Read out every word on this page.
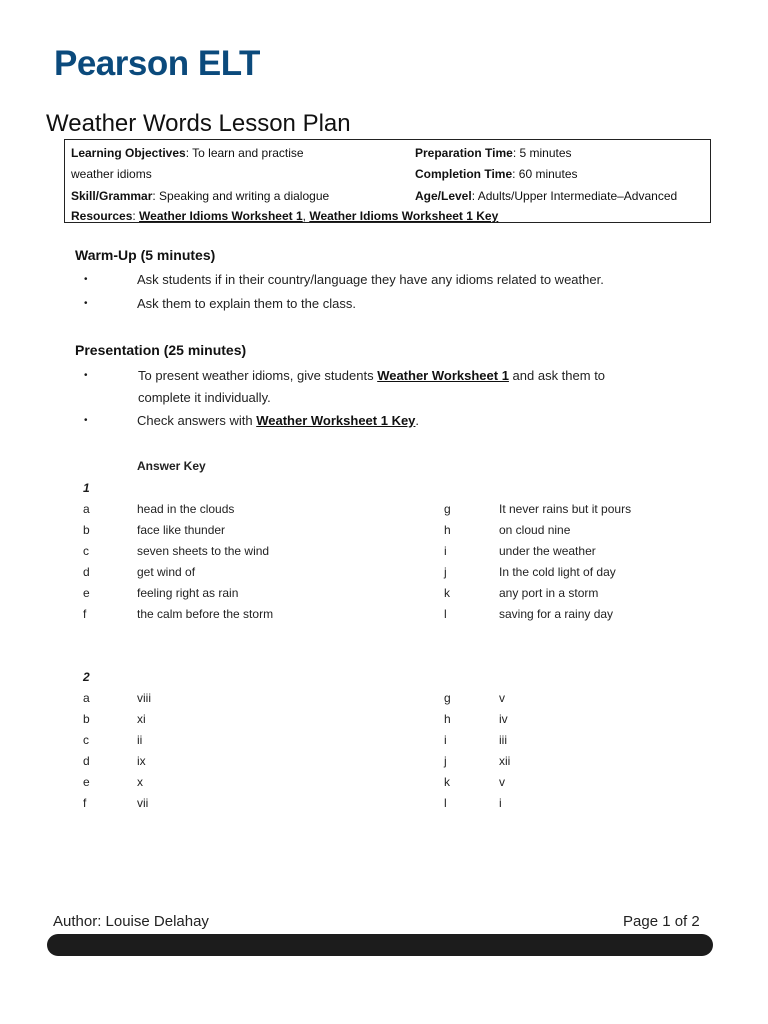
Pearson ELT
Weather Words Lesson Plan
Learning Objectives: To learn and practise
weather idioms
Preparation Time: 5 minutes
Completion Time: 60 minutes
Skill/Grammar: Speaking and writing a dialogue	Age/Level: Adults/Upper Intermediate–Advanced
Resources: Weather Idioms Worksheet 1, Weather Idioms Worksheet 1 Key
Warm-Up (5 minutes)
•	Ask students if in their country/language they have any idioms related to weather.
•	Ask them to explain them to the class.
Presentation (25 minutes)
•	To present weather idioms, give students Weather Worksheet 1 and ask them to
complete it individually.
•	Check answers with Weather Worksheet 1 Key.
Answer Key
1
a	head in the clouds
b	face like thunder
c	seven sheets to the wind
d	get wind of
e	feeling right as rain
f	the calm before the storm
g	It never rains but it pours
h	on cloud nine
i	under the weather
j	In the cold light of day
k	any port in a storm
l	saving for a rainy day
2
a	viii
b	xi
c	ii
d	ix
e	x
f	vii
g	v
h	iv
i	iii
j	xii
k	v
l	i
Author: Louise Delahay	Page 1 of 2
